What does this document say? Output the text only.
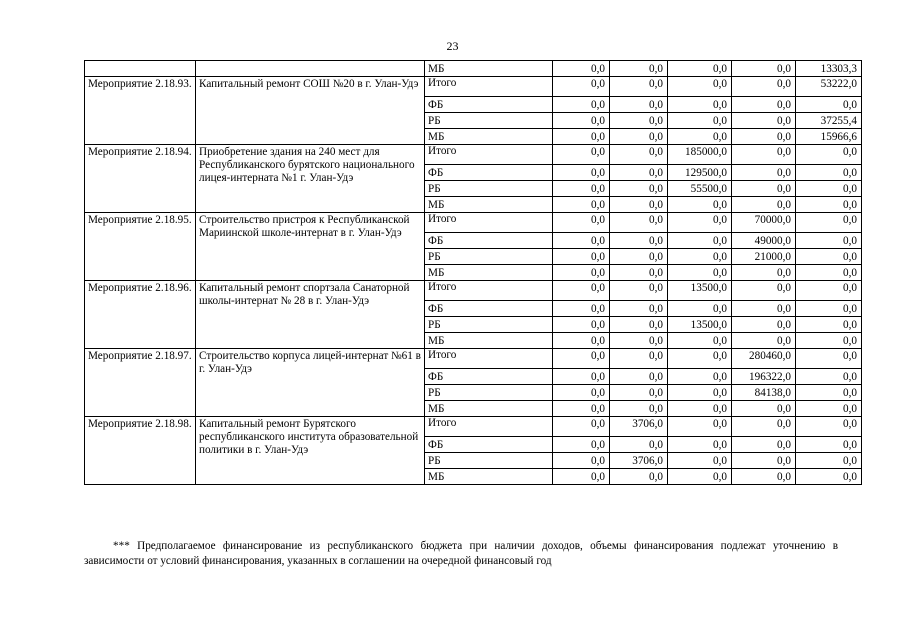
23
		МБ	0,0	0,0	0,0	0,0	13303,3
Мероприятие 2.18.93.	Капитальный ремонт СОШ №20 в г. Улан-Удэ	Итого	0,0	0,0	0,0	0,0	53222,0
		ФБ	0,0	0,0	0,0	0,0	0,0
		РБ	0,0	0,0	0,0	0,0	37255,4
		МБ	0,0	0,0	0,0	0,0	15966,6
Мероприятие 2.18.94.	Приобретение здания на 240 мест для Республиканского бурятского национального лицея-интерната №1 г. Улан-Удэ	Итого	0,0	0,0	185000,0	0,0	0,0
		ФБ	0,0	0,0	129500,0	0,0	0,0
		РБ	0,0	0,0	55500,0	0,0	0,0
		МБ	0,0	0,0	0,0	0,0	0,0
Мероприятие 2.18.95.	Строительство пристроя к Республиканской Мариинской школе-интернат в г. Улан-Удэ	Итого	0,0	0,0	0,0	70000,0	0,0
		ФБ	0,0	0,0	0,0	49000,0	0,0
		РБ	0,0	0,0	0,0	21000,0	0,0
		МБ	0,0	0,0	0,0	0,0	0,0
Мероприятие 2.18.96.	Капитальный ремонт спортзала Санаторной школы-интернат № 28 в г. Улан-Удэ	Итого	0,0	0,0	13500,0	0,0	0,0
		ФБ	0,0	0,0	0,0	0,0	0,0
		РБ	0,0	0,0	13500,0	0,0	0,0
		МБ	0,0	0,0	0,0	0,0	0,0
Мероприятие 2.18.97.	Строительство корпуса лицей-интернат №61 в г. Улан-Удэ	Итого	0,0	0,0	0,0	280460,0	0,0
		ФБ	0,0	0,0	0,0	196322,0	0,0
		РБ	0,0	0,0	0,0	84138,0	0,0
		МБ	0,0	0,0	0,0	0,0	0,0
Мероприятие 2.18.98.	Капитальный ремонт Бурятского республиканского института образовательной политики в г. Улан-Удэ	Итого	0,0	3706,0	0,0	0,0	0,0
		ФБ	0,0	0,0	0,0	0,0	0,0
		РБ	0,0	3706,0	0,0	0,0	0,0
		МБ	0,0	0,0	0,0	0,0	0,0
*** Предполагаемое финансирование из республиканского бюджета при наличии доходов, объемы финансирования подлежат уточнению в зависимости от условий финансирования, указанных в соглашении на очередной финансовый год
